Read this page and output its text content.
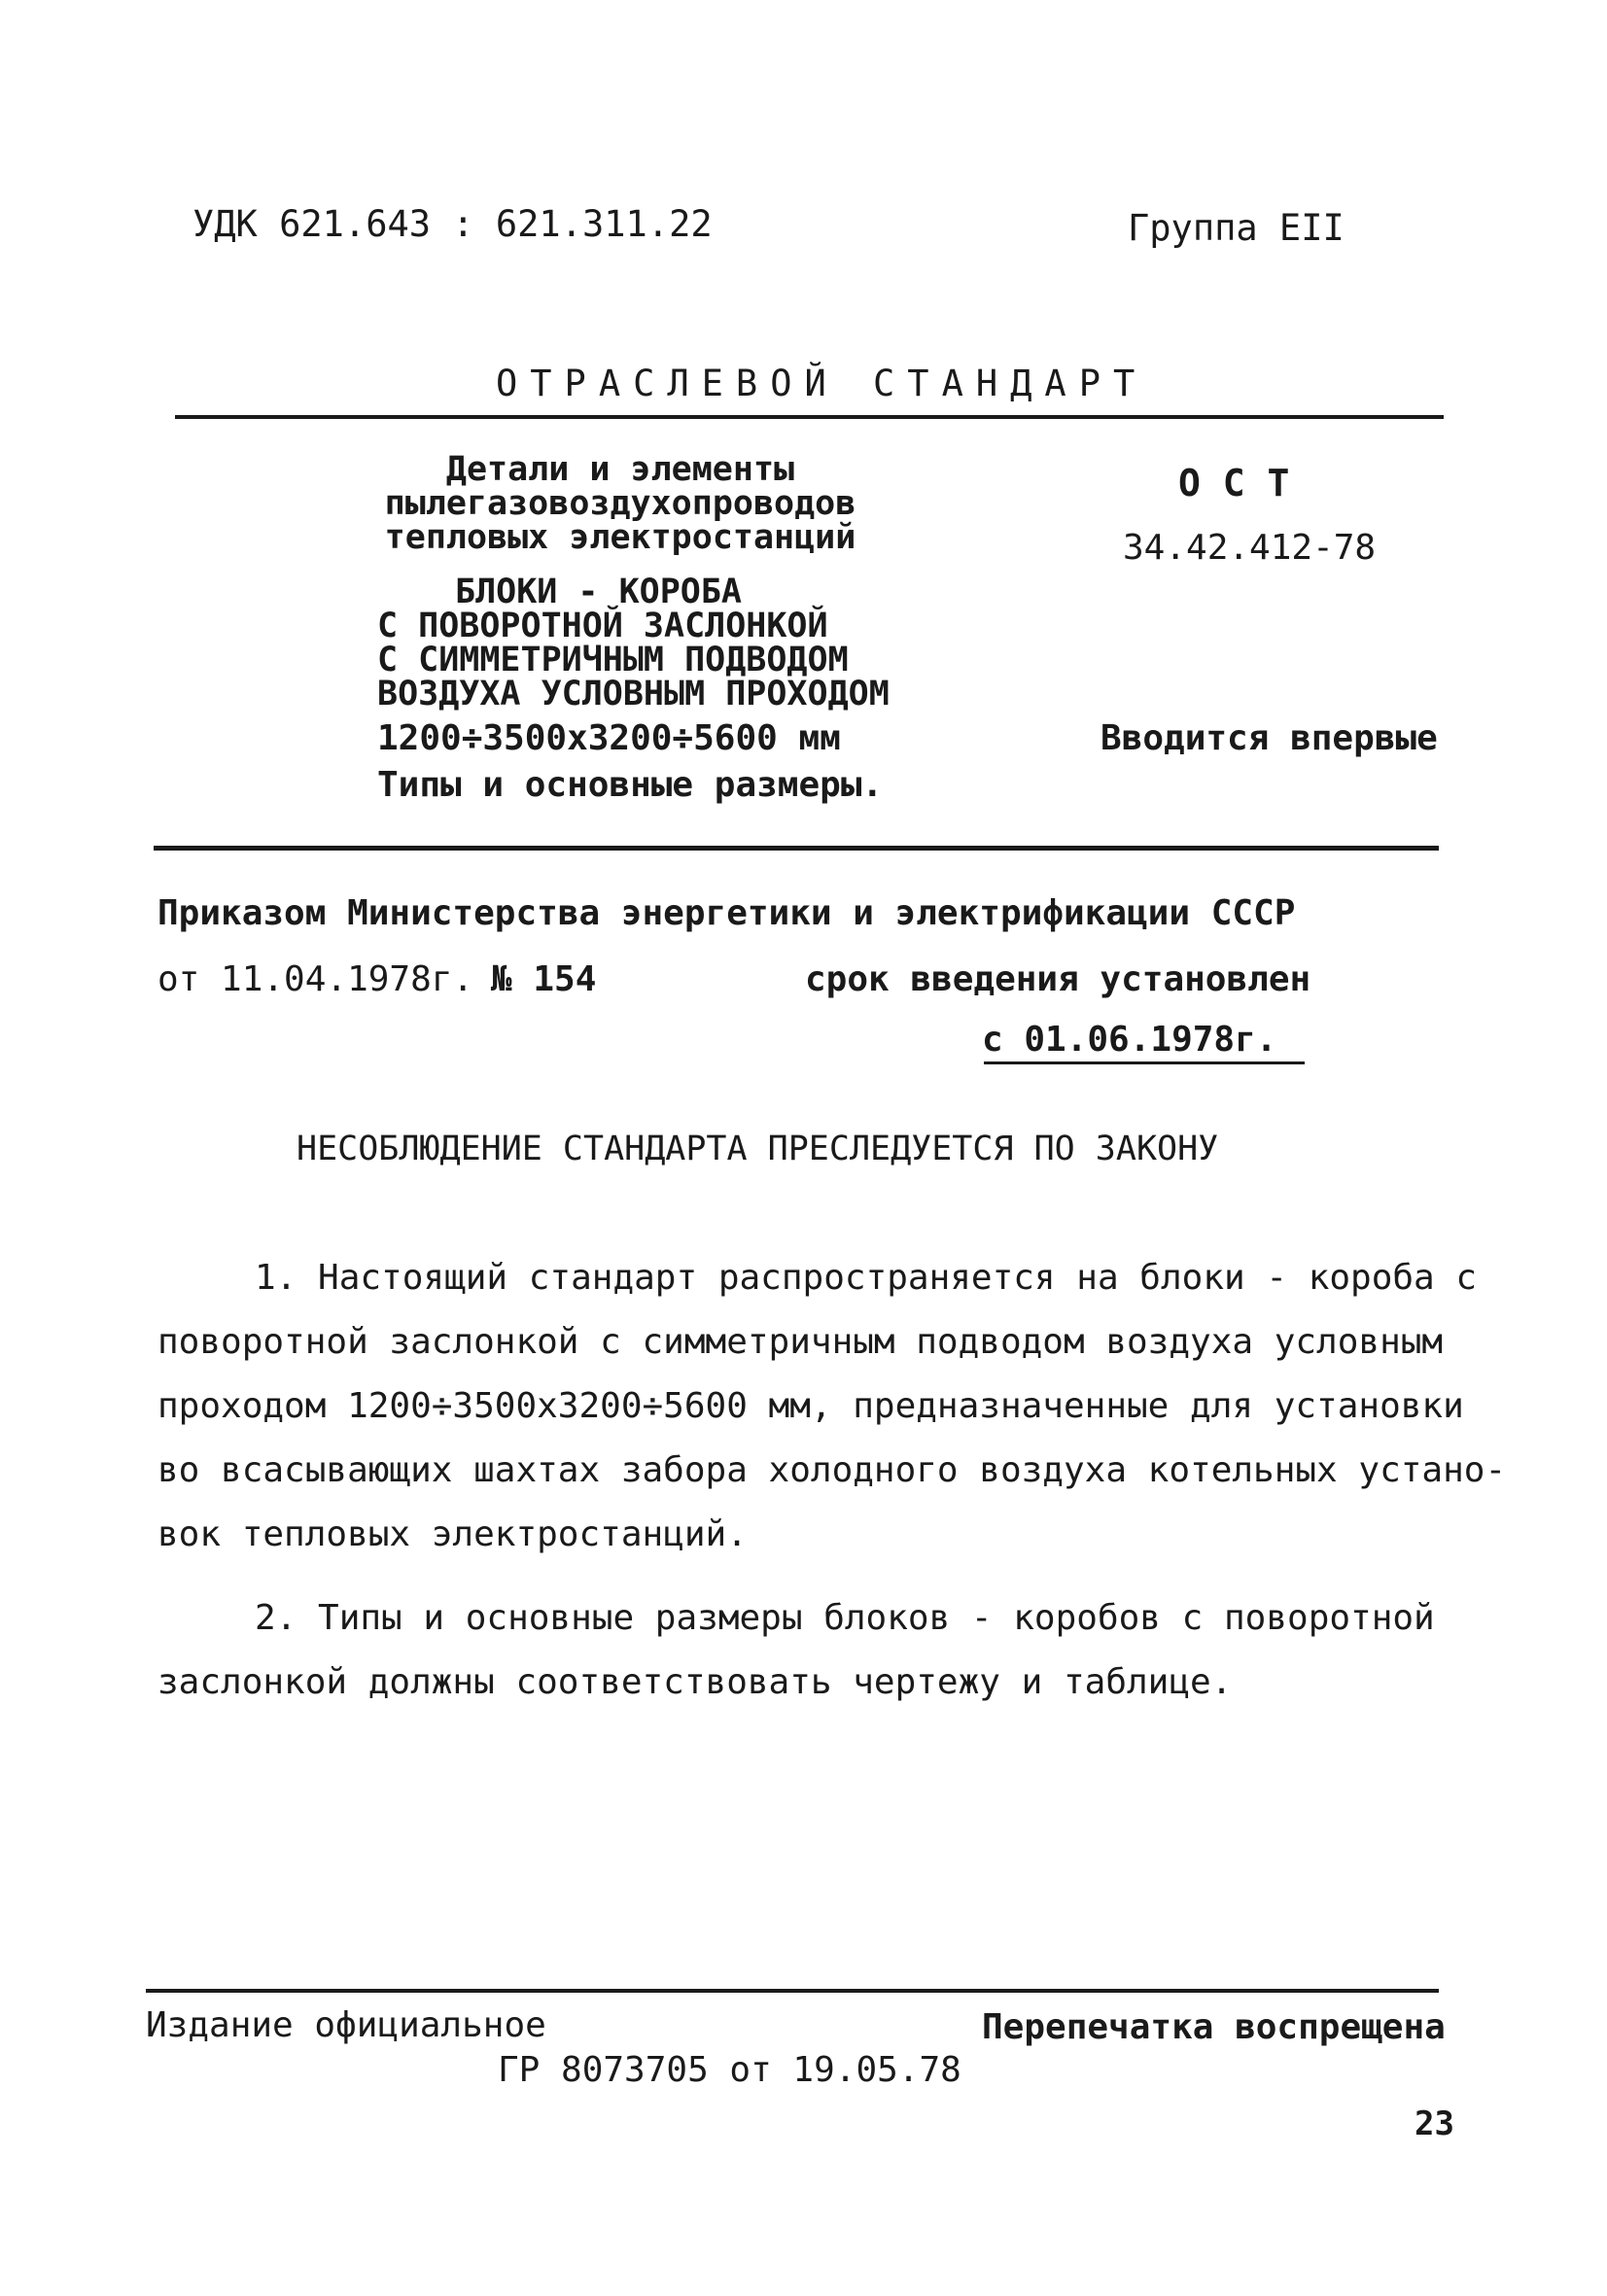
УДК 621.643 : 621.311.22	Группа ЕII
ОТРАСЛЕВОЙ СТАНДАРТ
Детали и элементы
пылегазовоздухопроводов
тепловых электростанций
БЛОКИ - КОРОБА
С ПОВОРОТНОЙ ЗАСЛОНКОЙ
С СИММЕТРИЧНЫМ ПОДВОДОМ
ВОЗДУХА УСЛОВНЫМ ПРОХОДОМ
1200÷3500х3200÷5600 мм
Типы и основные размеры.
О С Т
34.42.412-78
Вводится впервые
Приказом Министерства энергетики и электрификации СССР
от 11.04.1978г. № 154	срок введения установлен
с 01.06.1978г.
НЕСОБЛЮДЕНИЕ СТАНДАРТА ПРЕСЛЕДУЕТСЯ ПО ЗАКОНУ
1. Настоящий стандарт распространяется на блоки - короба с
поворотной заслонкой с симметричным подводом воздуха условным
проходом 1200÷3500х3200÷5600 мм, предназначенные для установки
во всасывающих шахтах забора холодного воздуха котельных устано-
вок тепловых электростанций.
2. Типы и основные размеры блоков - коробов с поворотной
заслонкой должны соответствовать чертежу и таблице.
Издание официальное	Перепечатка воспрещена
ГР 8073705 от 19.05.78
23
